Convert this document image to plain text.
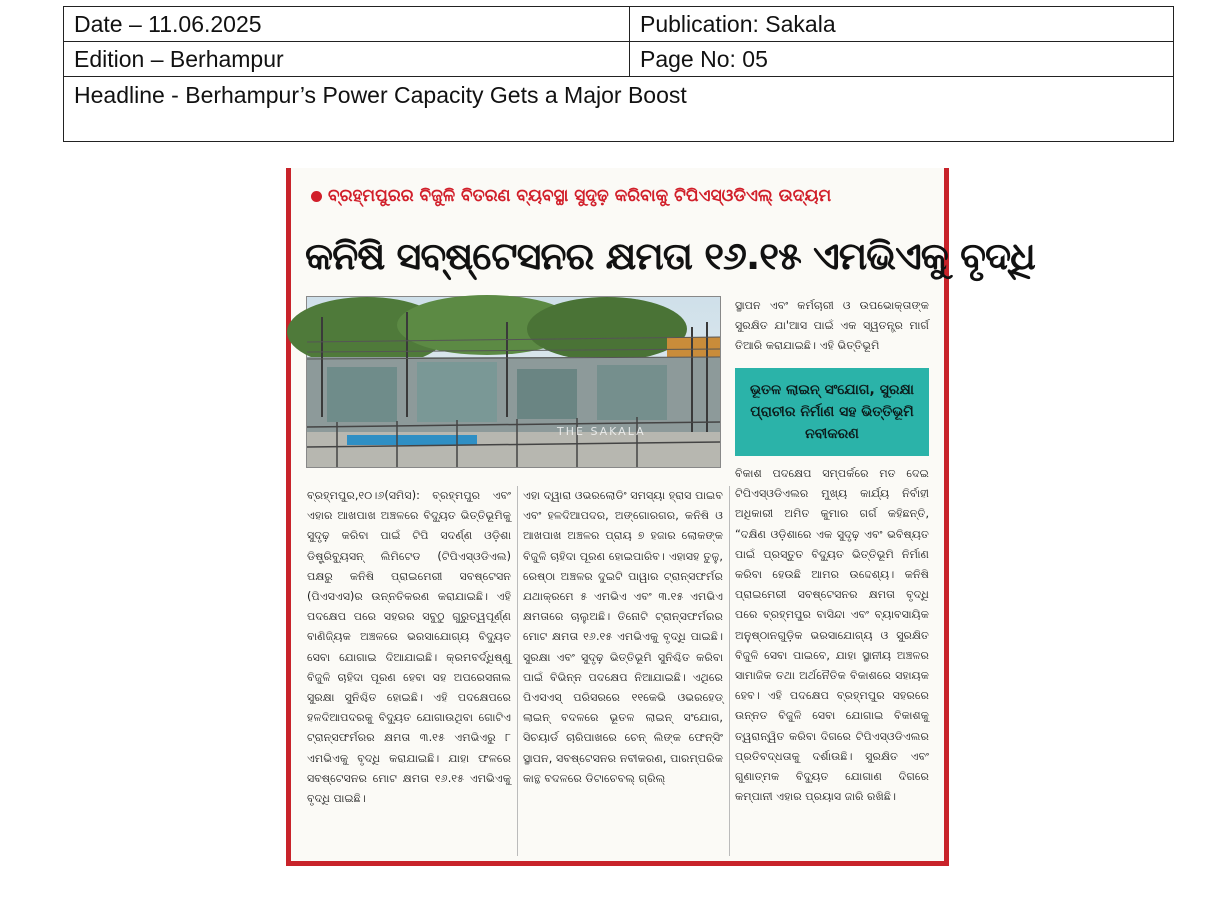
Date – 11.06.2025	Publication: Sakala
Edition – Berhampur	Page No: 05
Headline - Berhampur’s Power Capacity Gets a Major Boost	
ବ୍ରହ୍ମପୁରର ବିଜୁଳି ବିତରଣ ବ୍ୟବସ୍ଥା ସୁଦୃଢ଼ କରିବାକୁ ଟିପିଏସ୍ଓଡିଏଲ୍ ଉଦ୍ୟମ
କନିଷି ସବ୍‌ଷ୍ଟେସନର କ୍ଷମତା ୧୬.୧୫ ଏମଭିଏକୁ ବୃଦ୍ଧି
THE SAKALA

ସ୍ଥାପନ ଏବଂ କର୍ମଚାରୀ ଓ ଉପଭୋକ୍ତାଙ୍କ ସୁରକ୍ଷିତ ଯା'ଆସ ପାଇଁ ଏକ ସ୍ୱତନ୍ତ୍ର ମାର୍ଗ ତିଆରି କରାଯାଇଛି। ଏହି ଭିତ୍ତିଭୂମି

ଭୂତଳ ଲାଇନ୍ ସଂଯୋଗ, ସୁରକ୍ଷା ପ୍ରାଚୀର ନିର୍ମାଣ ସହ ଭିତ୍ତିଭୂମି ନବୀକରଣ

ବ୍ରହ୍ମପୁର,୧୦।୬(ସମିସ): ବ୍ରହ୍ମପୁର ଏବଂ ଏହାର ଆଖପାଖ ଅଞ୍ଚଳରେ ବିଦ୍ୟୁତ ଭିତ୍ତିଭୂମିକୁ ସୁଦୃଢ଼ କରିବା ପାଇଁ ଟିପି ସଦର୍ଣ୍ଣ ଓଡ଼ିଶା ଡିଷ୍ଟ୍ରିବ୍ୟୁସନ୍ ଲିମିଟେଡ (ଟିପିଏସ୍ଓଡିଏଲ) ପକ୍ଷରୁ କନିଷି ପ୍ରାଇମେରୀ ସବଷ୍ଟେସନ (ପିଏସଏସ)ର ଉନ୍ନତିକରଣ କରାଯାଇଛି। ଏହି ପଦକ୍ଷେପ ପରେ ସହରର ସବୁଠୁ ଗୁରୁତ୍ୱପୂର୍ଣ୍ଣ ବାଣିଜ୍ୟିକ ଅଞ୍ଚଳରେ ଭରସାଯୋଗ୍ୟ ବିଦ୍ୟୁତ ସେବା ଯୋଗାଇ ଦିଆଯାଇଛି। କ୍ରମବର୍ଦ୍ଧିଷ୍ଣୁ ବିଜୁଳି ଚାହିଦା ପୂରଣ ହେବା ସହ ଅପରେସନାଲ ସୁରକ୍ଷା ସୁନିଶ୍ଚିତ ହୋଇଛି। ଏହି ପଦକ୍ଷେପରେ ହଳଦିଆପଦରକୁ ବିଦ୍ୟୁତ ଯୋଗାଉଥିବା ଗୋଟିଏ ଟ୍ରାନ୍ସଫର୍ମରର କ୍ଷମତା ୩.୧୫ ଏମଭିଏରୁ ୮ ଏମଭିଏକୁ ବୃଦ୍ଧି କରାଯାଇଛି। ଯାହା ଫଳରେ ସବଷ୍ଟେସନର ମୋଟ କ୍ଷମତା ୧୬.୧୫ ଏମଭିଏକୁ ବୃଦ୍ଧି ପାଇଛି।

ଏହା ଦ୍ୱାରା ଓଭରଲୋଡିଂ ସମସ୍ୟା ହ୍ରାସ ପାଇବ ଏବଂ ହଳଦିଆପଦର, ଅଙ୍ଗୋରଗର, କନିଷି ଓ ଆଖପାଖ ଅଞ୍ଚଳର ପ୍ରାୟ ୭ ହଜାର ଲୋକଙ୍କ ବିଜୁଳି ଚାହିଦା ପୂରଣ ହୋଇପାରିବ। ଏହାସହ ତୁଳୁ, ରେଷ୍ଠା ଅଞ୍ଚଳର ଦୁଇଟି ପାୱାର ଟ୍ରାନ୍ସଫର୍ମର ଯଥାକ୍ରମେ ୫ ଏମଭିଏ ଏବଂ ୩.୧୫ ଏମଭିଏ କ୍ଷମତାରେ ଚାଲୁଅଛି। ତିନୋଟି ଟ୍ରାନ୍ସଫର୍ମରର ମୋଟ କ୍ଷମତା ୧୬.୧୫ ଏମଭିଏକୁ ବୃଦ୍ଧି ପାଇଛି। ସୁରକ୍ଷା ଏବଂ ସୁଦୃଢ଼ ଭିତ୍ତିଭୂମି ସୁନିଶ୍ଚିତ କରିବା ପାଇଁ ବିଭିନ୍ନ ପଦକ୍ଷେପ ନିଆଯାଇଛି। ଏଥିରେ ପିଏସଏସ୍ ପରିସରରେ ୧୧କେଭି ଓଭରହେଡ୍ ଲାଇନ୍ ବଦଳରେ ଭୂତଳ ଲାଇନ୍ ସଂଯୋଗ, ସିଚୟାର୍ଡ ଚାରିପାଖରେ ଚେନ୍ ଲିଙ୍କ ଫେନ୍ସିଂ ସ୍ଥାପନ, ସବଷ୍ଟେସନର ନବୀକରଣ, ପାରମ୍ପରିକ କାନ୍ଥ ବଦଳରେ ଡିଟାଚେବଲ୍ ଗ୍ରିଲ୍

ବିକାଶ ପଦକ୍ଷେପ ସମ୍ପର୍କରେ ମତ ଦେଇ ଟିପିଏସ୍ଓଡିଏଲର ମୁଖ୍ୟ କାର୍ଯ୍ୟ ନିର୍ବାହୀ ଅଧିକାରୀ ଅମିତ କୁମାର ଗର୍ଗ କହିଛନ୍ତି, “ଦକ୍ଷିଣ ଓଡ଼ିଶାରେ ଏକ ସୁଦୃଢ଼ ଏବଂ ଭବିଷ୍ୟତ ପାଇଁ ପ୍ରସ୍ତୁତ ବିଦ୍ୟୁତ ଭିତ୍ତିଭୂମି ନିର୍ମାଣ କରିବା ହେଉଛି ଆମର ଉଦ୍ଦେଶ୍ୟ। କନିଷି ପ୍ରାଇମେରୀ ସବଷ୍ଟେସନର କ୍ଷମତା ବୃଦ୍ଧି ପରେ ବ୍ରହ୍ମପୁର ବାସିନ୍ଦା ଏବଂ ବ୍ୟାବସାୟିକ ଅନୁଷ୍ଠାନଗୁଡ଼ିକ ଭରସାଯୋଗ୍ୟ ଓ ସୁରକ୍ଷିତ ବିଜୁଳି ସେବା ପାଇବେ, ଯାହା ସ୍ଥାନୀୟ ଅଞ୍ଚଳର ସାମାଜିକ ତଥା ଅର୍ଥନୈତିକ ବିକାଶରେ ସହାୟକ ହେବ। ଏହି ପଦକ୍ଷେପ ବ୍ରହ୍ମପୁର ସହରରେ ଉନ୍ନତ ବିଜୁଳି ସେବା ଯୋଗାଇ ବିକାଶକୁ ତ୍ୱରାନ୍ୱିତ କରିବା ଦିଗରେ ଟିପିଏସ୍ଓଡିଏଲର ପ୍ରତିବଦ୍ଧତାକୁ ଦର୍ଶାଉଛି। ସୁରକ୍ଷିତ ଏବଂ ଗୁଣାତ୍ମକ ବିଦ୍ୟୁତ ଯୋଗାଣ ଦିଗରେ କମ୍ପାନୀ ଏହାର ପ୍ରୟାସ ଜାରି ରଖିଛି।
